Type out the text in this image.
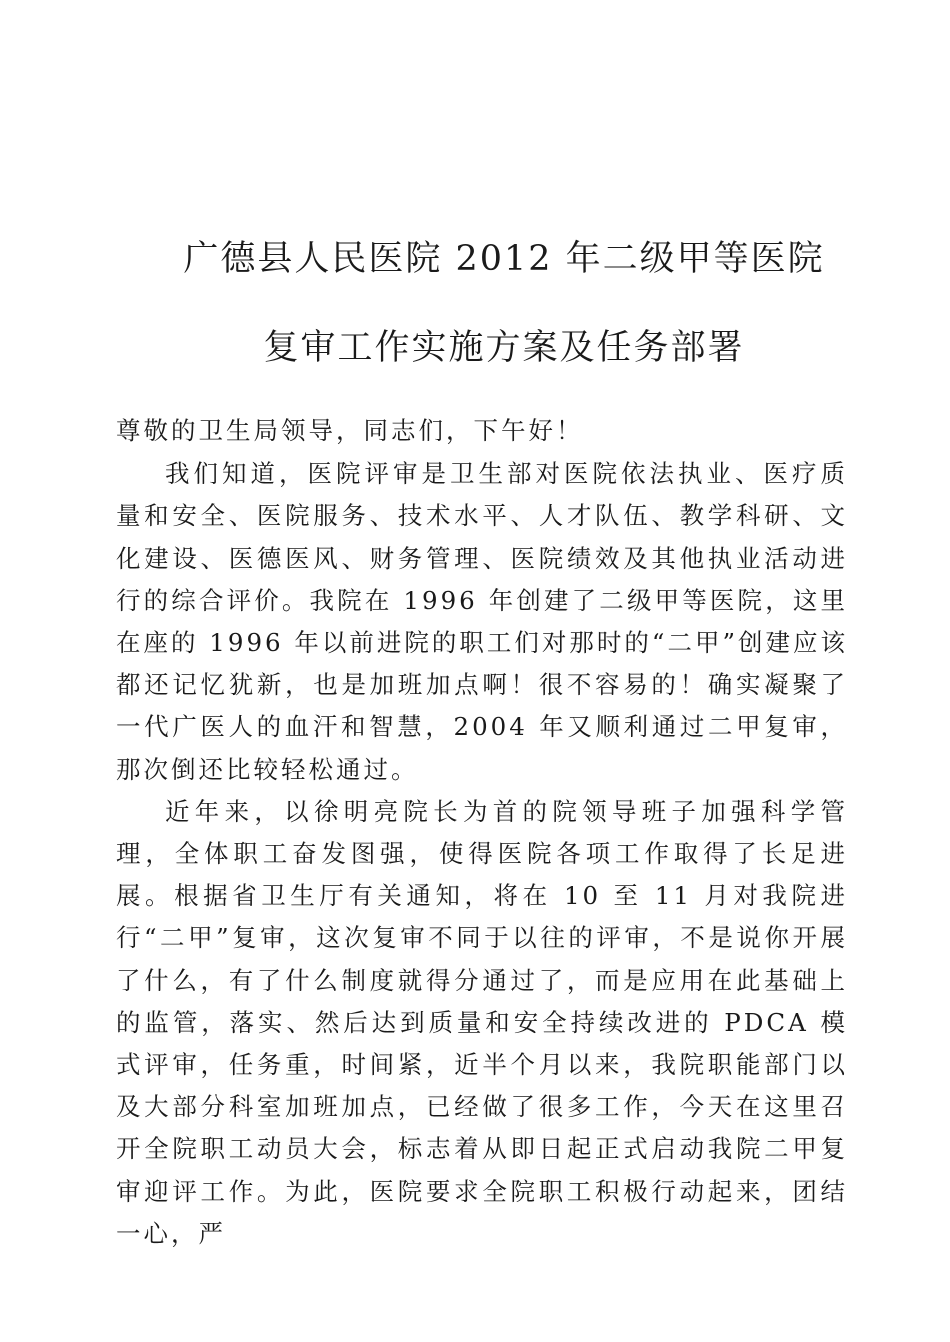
广德县人民医院 2012 年二级甲等医院
复审工作实施方案及任务部署

尊敬的卫生局领导，同志们，下午好！

我们知道，医院评审是卫生部对医院依法执业、医疗质量和安全、医院服务、技术水平、人才队伍、教学科研、文化建设、医德医风、财务管理、医院绩效及其他执业活动进行的综合评价。我院在 1996 年创建了二级甲等医院，这里在座的 1996 年以前进院的职工们对那时的“二甲”创建应该都还记忆犹新，也是加班加点啊！很不容易的！确实凝聚了一代广医人的血汗和智慧，2004 年又顺利通过二甲复审，那次倒还比较轻松通过。

近年来，以徐明亮院长为首的院领导班子加强科学管理，全体职工奋发图强，使得医院各项工作取得了长足进展。根据省卫生厅有关通知，将在 10 至 11 月对我院进行“二甲”复审，这次复审不同于以往的评审，不是说你开展了什么，有了什么制度就得分通过了，而是应用在此基础上的监管，落实、然后达到质量和安全持续改进的 PDCA 模式评审，任务重，时间紧，近半个月以来，我院职能部门以及大部分科室加班加点，已经做了很多工作，今天在这里召开全院职工动员大会，标志着从即日起正式启动我院二甲复审迎评工作。为此，医院要求全院职工积极行动起来，团结一心，严
